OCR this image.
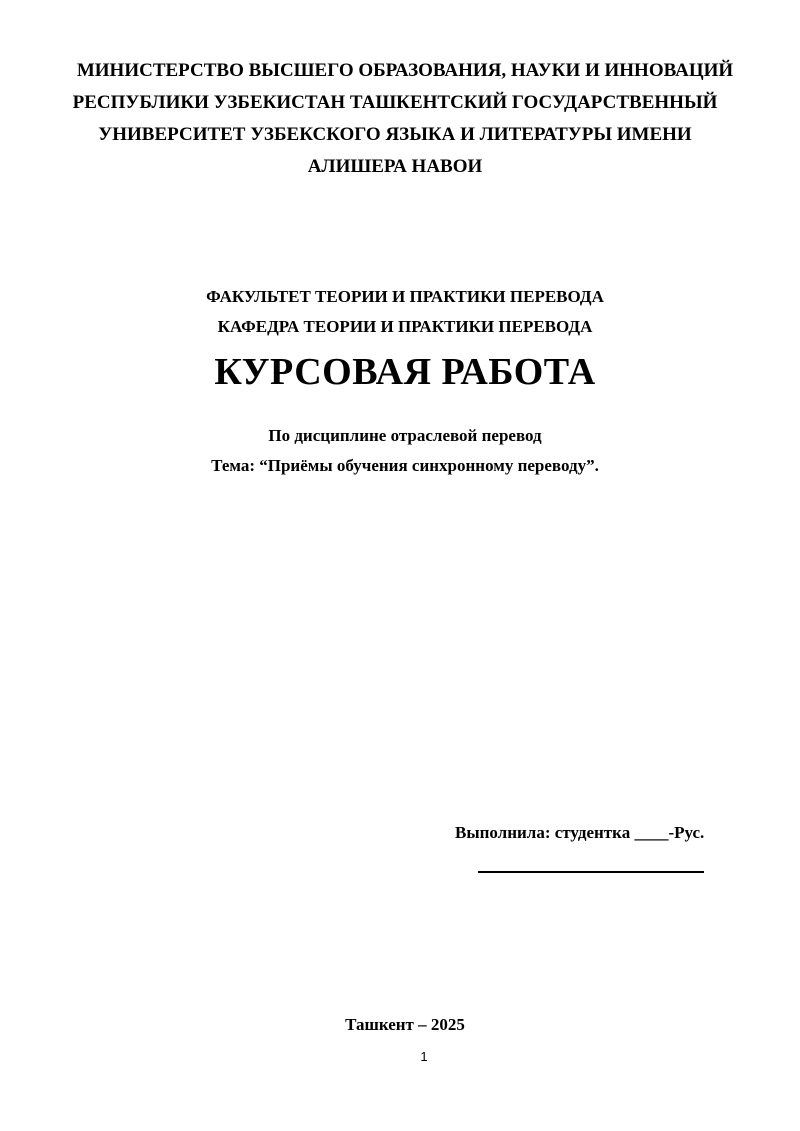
МИНИСТЕРСТВО ВЫСШЕГО ОБРАЗОВАНИЯ, НАУКИ И ИННОВАЦИЙ
РЕСПУБЛИКИ УЗБЕКИСТАН ТАШКЕНТСКИЙ ГОСУДАРСТВЕННЫЙ
УНИВЕРСИТЕТ УЗБЕКСКОГО ЯЗЫКА И ЛИТЕРАТУРЫ ИМЕНИ
АЛИШЕРА НАВОИ
ФАКУЛЬТЕТ ТЕОРИИ И ПРАКТИКИ ПЕРЕВОДА
КАФЕДРА ТЕОРИИ И ПРАКТИКИ ПЕРЕВОДА
КУРСОВАЯ РАБОТА
По дисциплине отраслевой перевод
Тема: “Приёмы обучения синхронному переводу”.
Выполнила: студентка ____-Рус.
Ташкент – 2025
1
